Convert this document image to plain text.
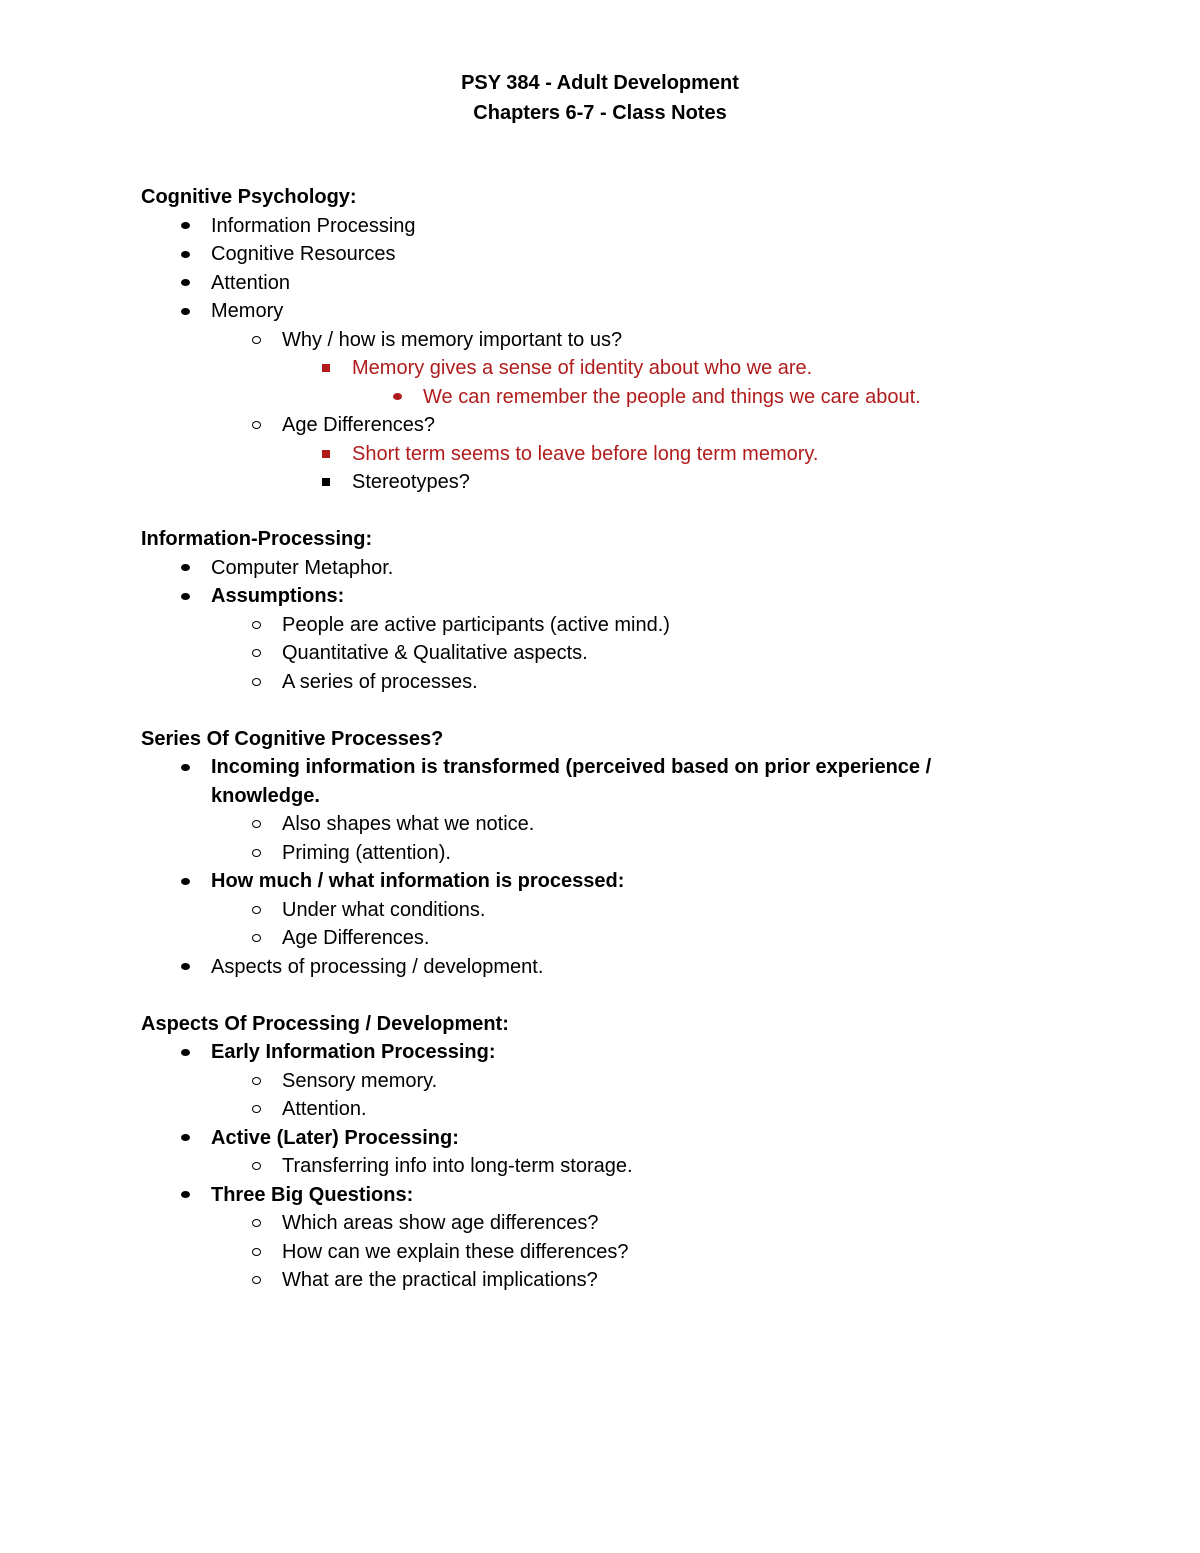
PSY 384 - Adult Development
Chapters 6-7 - Class Notes
Cognitive Psychology:
Information Processing
Cognitive Resources
Attention
Memory
Why / how is memory important to us?
Memory gives a sense of identity about who we are.
We can remember the people and things we care about.
Age Differences?
Short term seems to leave before long term memory.
Stereotypes?
Information-Processing:
Computer Metaphor.
Assumptions:
People are active participants (active mind.)
Quantitative & Qualitative aspects.
A series of processes.
Series Of Cognitive Processes?
Incoming information is transformed (perceived based on prior experience / knowledge.
Also shapes what we notice.
Priming (attention).
How much / what information is processed:
Under what conditions.
Age Differences.
Aspects of processing / development.
Aspects Of Processing / Development:
Early Information Processing:
Sensory memory.
Attention.
Active (Later) Processing:
Transferring info into long-term storage.
Three Big Questions:
Which areas show age differences?
How can we explain these differences?
What are the practical implications?
